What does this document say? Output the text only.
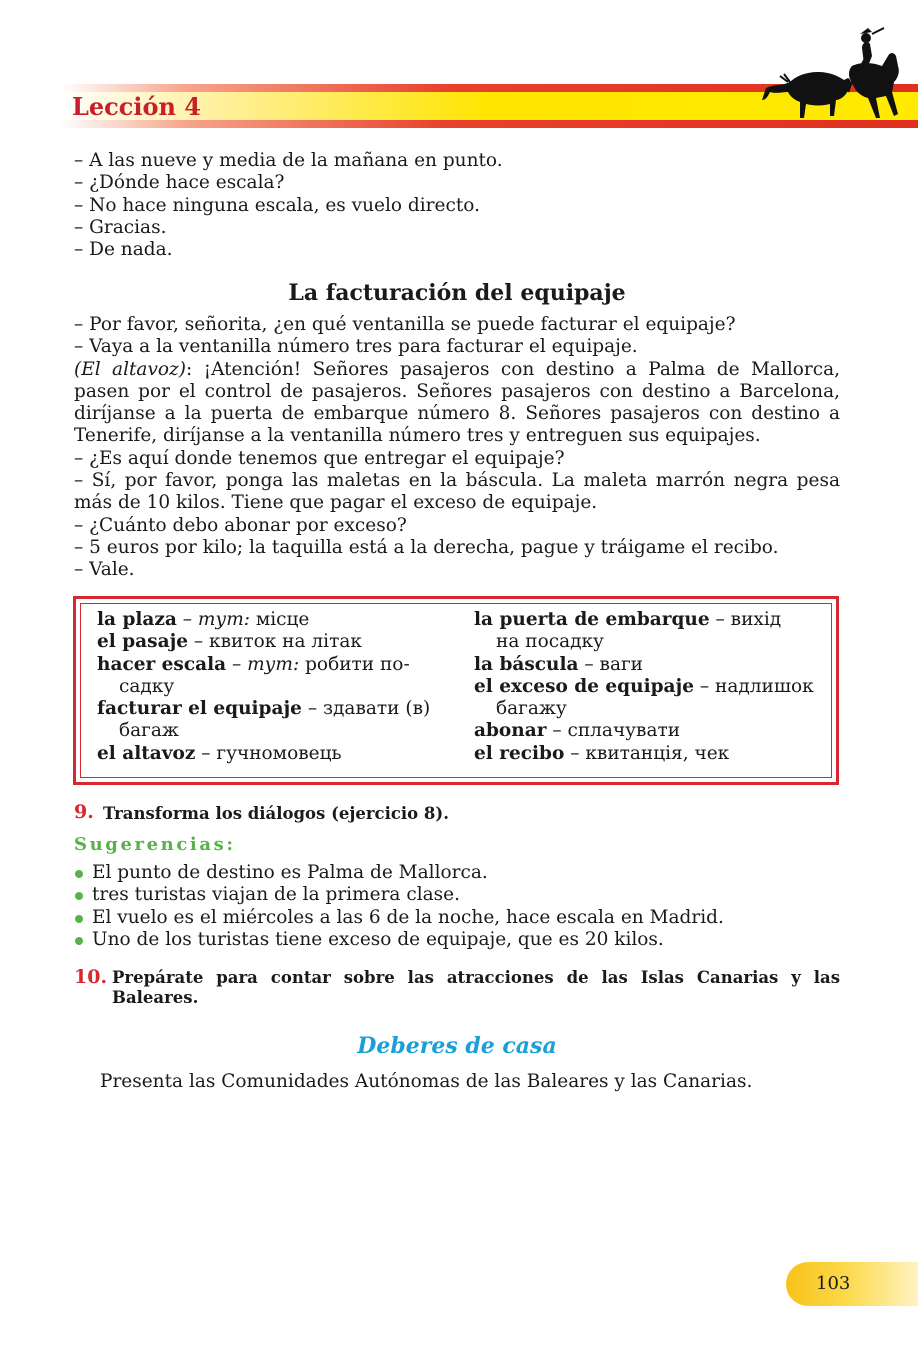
Lección 4
– A las nueve y media de la mañana en punto.
– ¿Dónde hace escala?
– No hace ninguna escala, es vuelo directo.
– Gracias.
– De nada.
La facturación del equipaje
– Por favor, señorita, ¿en qué ventanilla se puede facturar el equipaje?
– Vaya a la ventanilla número tres para facturar el equipaje.
(El altavoz): ¡Atención! Señores pasajeros con destino a Palma de Mallorca, pasen por el control de pasajeros. Señores pasajeros con destino a Barcelona, diríjanse a la puerta de embarque número 8. Señores pasajeros con destino a Tenerife, diríjanse a la ventanilla número tres y entreguen sus equipajes.
– ¿Es aquí donde tenemos que entregar el equipaje?
– Sí, por favor, ponga las maletas en la báscula. La maleta marrón negra pesa más de 10 kilos. Tiene que pagar el exceso de equipaje.
– ¿Cuánto debo abonar por exceso?
– 5 euros por kilo; la taquilla está a la derecha, pague y tráigame el recibo.
– Vale.
la plaza – тут: місце
el pasaje – квиток на літак
hacer escala – тут: робити по-
садку
facturar el equipaje – здавати (в)
багаж
el altavoz – гучномовець
la puerta de embarque – вихід
на посадку
la báscula – ваги
el exceso de equipaje – надлишок
багажу
abonar – сплачувати
el recibo – квитанція, чек
9. Transforma los diálogos (ejercicio 8).
Sugerencias:
El punto de destino es Palma de Mallorca.
tres turistas viajan de la primera clase.
El vuelo es el miércoles a las 6 de la noche, hace escala en Madrid.
Uno de los turistas tiene exceso de equipaje, que es 20 kilos.
10. Prepárate para contar sobre las atracciones de las Islas Canarias y las Baleares.
Deberes de casa
Presenta las Comunidades Autónomas de las Baleares y las Canarias.
103
